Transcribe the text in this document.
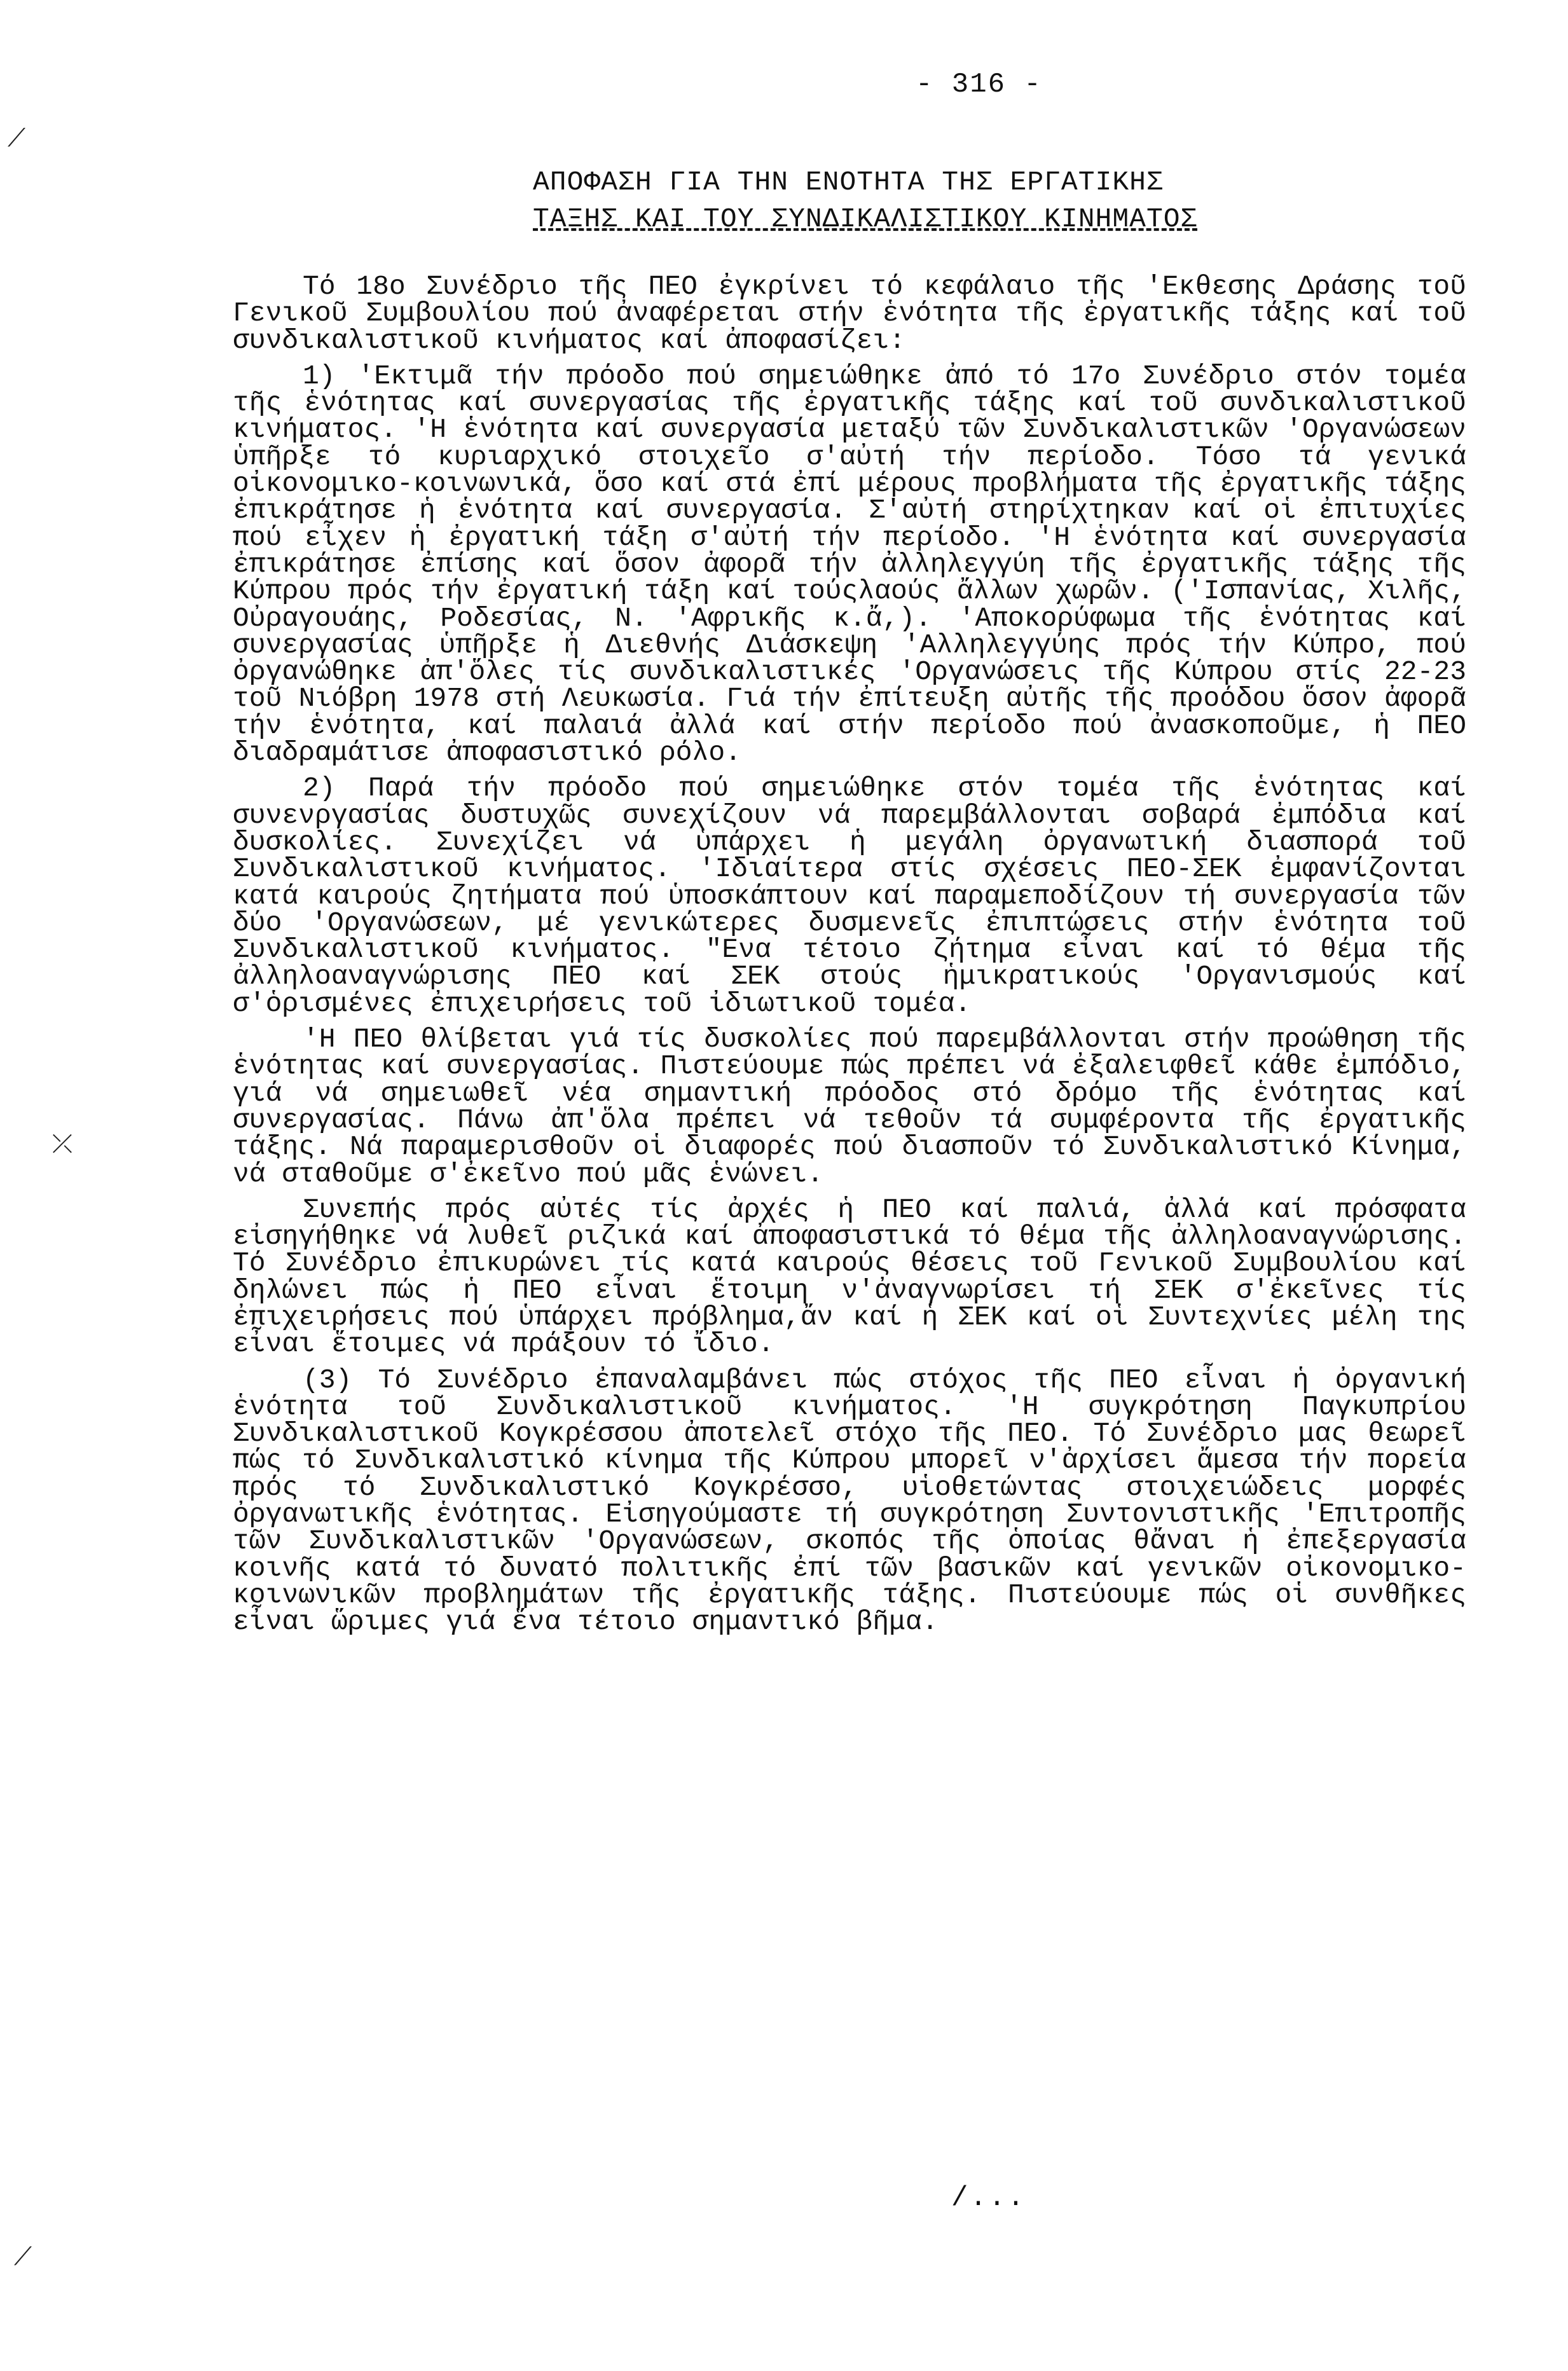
- 316 -
ΑΠΟΦΑΣΗ ΓΙΑ ΤΗΝ ΕΝΟΤΗΤΑ ΤΗΣ ΕΡΓΑΤΙΚΗΣ
ΤΑΞΗΣ ΚΑΙ ΤΟΥ ΣΥΝΔΙΚΑΛΙΣΤΙΚΟΥ ΚΙΝΗΜΑΤΟΣ

Τό 18ο Συνέδριο τῆς ΠΕΟ ἐγκρίνει τό κεφάλαιο τῆς 'Εκθεσης Δράσης τοῦ Γενικοῦ Συμβουλίου πού ἀναφέρεται στήν ἑνότητα τῆς ἐργατικῆς τάξης καί τοῦ συνδικαλιστικοῦ κινήματος καί ἀποφασίζει:

1) 'Εκτιμᾶ τήν πρόοδο πού σημειώθηκε ἀπό τό 17ο Συνέδριο στόν τομέα τῆς ἑνότητας καί συνεργασίας τῆς ἐργατικῆς τάξης καί τοῦ συνδικαλιστικοῦ κινήματος. 'Η ἑνότητα καί συνεργασία μεταξύ τῶν Συνδικαλιστικῶν 'Οργανώσεων ὑπῆρξε τό κυριαρχικό στοιχεῖο σ'αὐτή τήν περίοδο. Τόσο τά γενικά οἰκονομικο-κοινωνικά, ὅσο καί στά ἐπί μέρους προβλήματα τῆς ἐργατικῆς τάξης ἐπικράτησε ἡ ἑνότητα καί συνεργασία. Σ'αὐτή στηρίχτηκαν καί οἱ ἐπιτυχίες πού εἶχεν ἡ ἐργατική τάξη σ'αὐτή τήν περίοδο. 'Η ἑνότητα καί συνεργασία ἐπικράτησε ἐπίσης καί ὅσον ἀφορᾶ τήν ἀλληλεγγύη τῆς ἐργατικῆς τάξης τῆς Κύπρου πρός τήν ἐργατική τάξη καί τούςλαούς ἄλλων χωρῶν. ('Ισπανίας, Χιλῆς, Οὐραγουάης, Ροδεσίας, Ν. 'Αφρικῆς κ.ἄ,). 'Αποκορύφωμα τῆς ἑνότητας καί συνεργασίας ὑπῆρξε ἡ Διεθνής Διάσκεψη 'Αλληλεγγύης πρός τήν Κύπρο, πού ὀργανώθηκε ἀπ'ὅλες τίς συνδικαλιστικές 'Οργανώσεις τῆς Κύπρου στίς 22-23 τοῦ Νιόβρη 1978 στή Λευκωσία. Γιά τήν ἐπίτευξη αὐτῆς τῆς προόδου ὅσον ἀφορᾶ τήν ἑνότητα, καί παλαιά ἀλλά καί στήν περίοδο πού ἀνασκοποῦμε, ἡ ΠΕΟ διαδραμάτισε ἀποφασιστικό ρόλο.

2) Παρά τήν πρόοδο πού σημειώθηκε στόν τομέα τῆς ἑνότητας καί συνενργασίας δυστυχῶς συνεχίζουν νά παρεμβάλλονται σοβαρά ἐμπόδια καί δυσκολίες. Συνεχίζει νά ὑπάρχει ἡ μεγάλη ὀργανωτική διασπορά τοῦ Συνδικαλιστικοῦ κινήματος. 'Ιδιαίτερα στίς σχέσεις ΠΕΟ-ΣΕΚ ἐμφανίζονται κατά καιρούς ζητήματα πού ὑποσκάπτουν καί παραμεποδίζουν τή συνεργασία τῶν δύο 'Οργανώσεων, μέ γενικώτερες δυσμενεῖς ἐπιπτώσεις στήν ἑνότητα τοῦ Συνδικαλιστικοῦ κινήματος. "Ενα τέτοιο ζήτημα εἶναι καί τό θέμα τῆς ἀλληλοαναγνώρισης ΠΕΟ καί ΣΕΚ στούς ἡμικρατικούς 'Οργανισμούς καί σ'ὁρισμένες ἐπιχειρήσεις τοῦ ἰδιωτικοῦ τομέα.

'Η ΠΕΟ θλίβεται γιά τίς δυσκολίες πού παρεμβάλλονται στήν προώθηση τῆς ἑνότητας καί συνεργασίας. Πιστεύουμε πώς πρέπει νά ἐξαλειφθεῖ κάθε ἐμπόδιο, γιά νά σημειωθεῖ νέα σημαντική πρόοδος στό δρόμο τῆς ἑνότητας καί συνεργασίας. Πάνω ἀπ'ὅλα πρέπει νά τεθοῦν τά συμφέροντα τῆς ἐργατικῆς τάξης. Νά παραμερισθοῦν οἱ διαφορές πού διασποῦν τό Συνδικαλιστικό Κίνημα, νά σταθοῦμε σ'ἐκεῖνο πού μᾶς ἑνώνει.

Συνεπής πρός αὐτές τίς ἀρχές ἡ ΠΕΟ καί παλιά, ἀλλά καί πρόσφατα εἰσηγήθηκε νά λυθεῖ ριζικά καί ἀποφασιστικά τό θέμα τῆς ἀλληλοαναγνώρισης. Τό Συνέδριο ἐπικυρώνει τίς κατά καιρούς θέσεις τοῦ Γενικοῦ Συμβουλίου καί δηλώνει πώς ἡ ΠΕΟ εἶναι ἕτοιμη ν'ἀναγνωρίσει τή ΣΕΚ σ'ἐκεῖνες τίς ἐπιχειρήσεις πού ὑπάρχει πρόβλημα,ἄν καί ἡ ΣΕΚ καί οἱ Συντεχνίες μέλη της εἶναι ἕτοιμες νά πράξουν τό ἴδιο.

(3) Τό Συνέδριο ἐπαναλαμβάνει πώς στόχος τῆς ΠΕΟ εἶναι ἡ ὀργανική ἑνότητα τοῦ Συνδικαλιστικοῦ κινήματος. 'Η συγκρότηση Παγκυπρίου Συνδικαλιστικοῦ Κογκρέσσου ἀποτελεῖ στόχο τῆς ΠΕΟ. Τό Συνέδριο μας θεωρεῖ πώς τό Συνδικαλιστικό κίνημα τῆς Κύπρου μπορεῖ ν'ἀρχίσει ἄμεσα τήν πορεία πρός τό Συνδικαλιστικό Κογκρέσσο, υἱοθετώντας στοιχειώδεις μορφές ὀργανωτικῆς ἑνότητας. Εἰσηγούμαστε τή συγκρότηση Συντονιστικῆς 'Επιτροπῆς τῶν Συνδικαλιστικῶν 'Οργανώσεων, σκοπός τῆς ὁποίας θἄναι ἡ ἐπεξεργασία κοινῆς κατά τό δυνατό πολιτικῆς ἐπί τῶν βασικῶν καί γενικῶν οἰκονομικο-κοινωνικῶν προβλημάτων τῆς ἐργατικῆς τάξης. Πιστεύουμε πώς οἱ συνθῆκες εἶναι ὥριμες γιά ἕνα τέτοιο σημαντικό βῆμα.

/...
⟋
⤫
⟋
